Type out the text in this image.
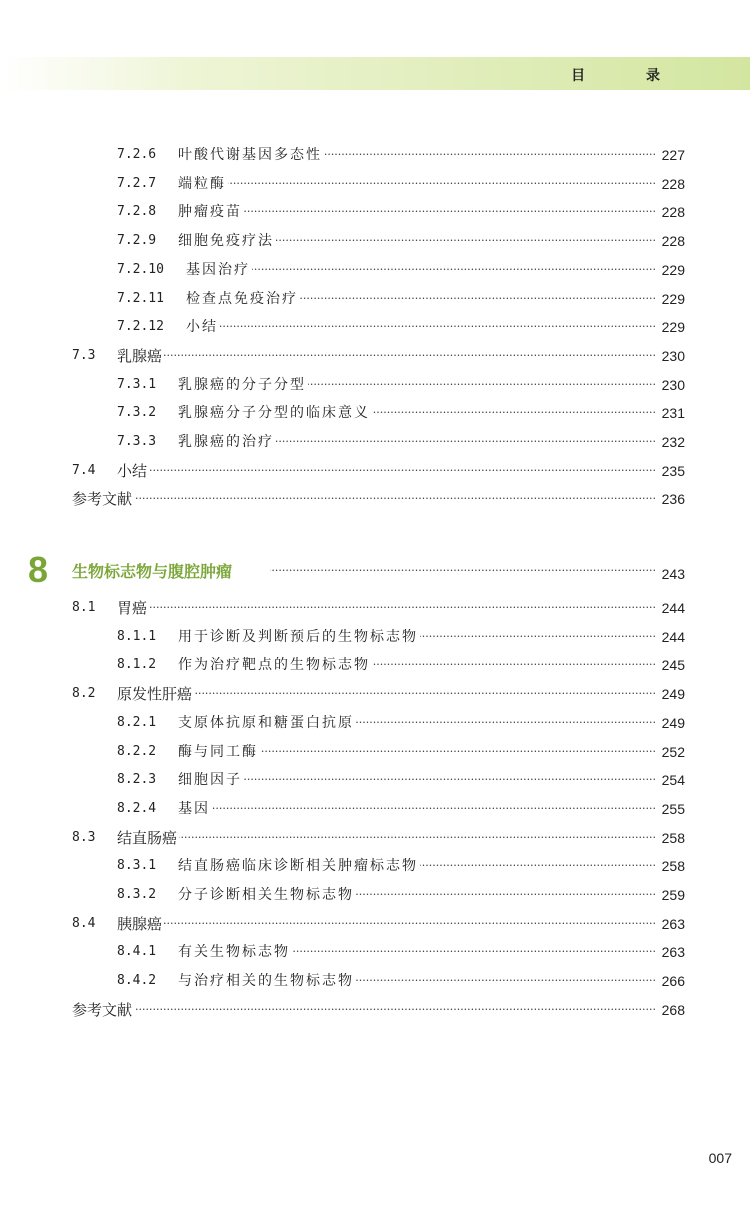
目 录
7.2.6 ····· 叶酸代谢基因多态性	227
7.2.7 ····· 端粒酶	228
7.2.8 ····· 肿瘤疫苗	228
7.2.9 ····· 细胞免疫疗法	228
7.2.10 ····· 基因治疗	229
7.2.11 ····· 检查点免疫治疗	229
7.2.12 ····· 小结	229
7.3 ····· 乳腺癌	230
7.3.1 ····· 乳腺癌的分子分型	230
7.3.2 ····· 乳腺癌分子分型的临床意义	231
7.3.3 ····· 乳腺癌的治疗	232
7.4 ····· 小结	235
·····
参考文献	236
8 ····· 生物标志物与腹腔肿瘤	243
8.1 ····· 胃癌	244
8.1.1 ····· 用于诊断及判断预后的生物标志物	244
8.1.2 ····· 作为治疗靶点的生物标志物	245
8.2 ····· 原发性肝癌	249
8.2.1 ····· 支原体抗原和糖蛋白抗原	249
8.2.2 ····· 酶与同工酶	252
8.2.3 ····· 细胞因子	254
8.2.4 ····· 基因	255
8.3 ····· 结直肠癌	258
8.3.1 ····· 结直肠癌临床诊断相关肿瘤标志物	258
8.3.2 ····· 分子诊断相关生物标志物	259
8.4 ····· 胰腺癌	263
8.4.1 ····· 有关生物标志物	263
8.4.2 ····· 与治疗相关的生物标志物	266
·····
参考文献	268
007
